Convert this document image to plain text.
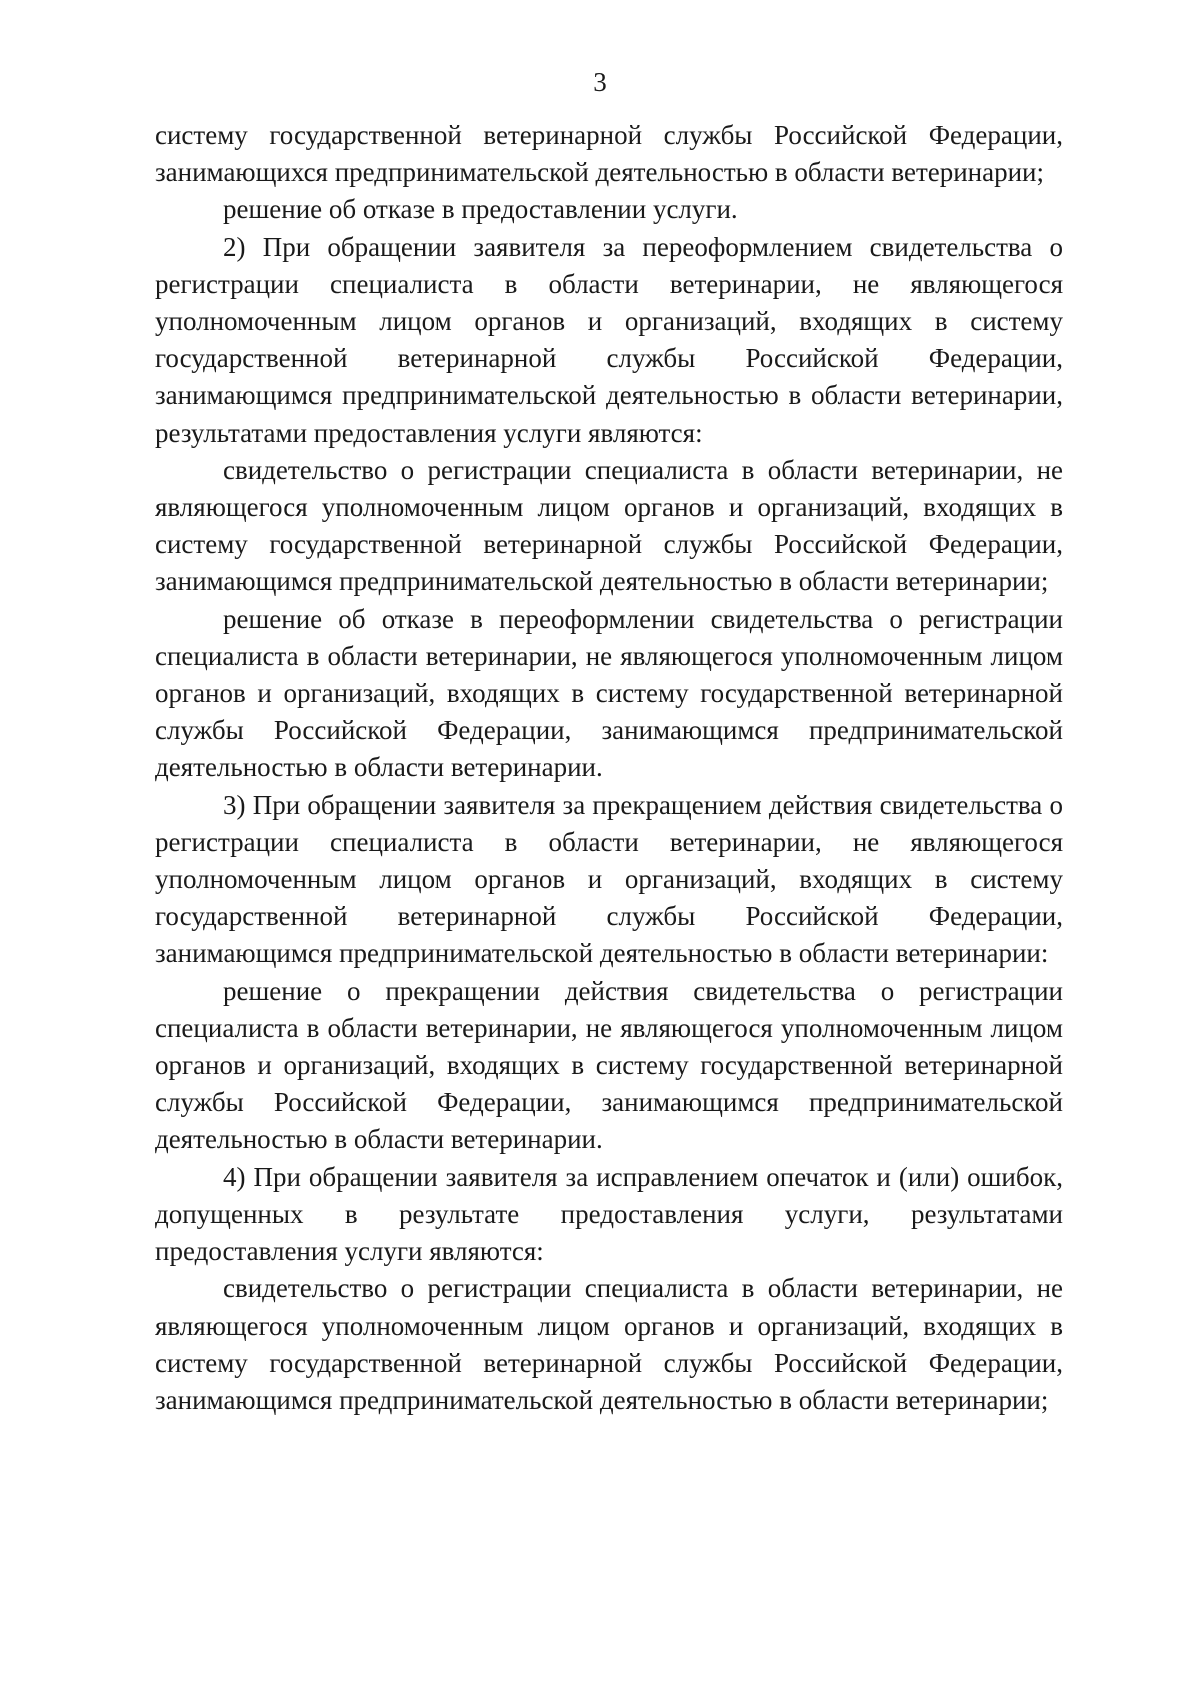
3

систему государственной ветеринарной службы Российской Федерации, занимающихся предпринимательской деятельностью в области ветеринарии;

решение об отказе в предоставлении услуги.

2) При обращении заявителя за переоформлением свидетельства о регистрации специалиста в области ветеринарии, не являющегося уполномоченным лицом органов и организаций, входящих в систему государственной ветеринарной службы Российской Федерации, занимающимся предпринимательской деятельностью в области ветеринарии, результатами предоставления услуги являются:

свидетельство о регистрации специалиста в области ветеринарии, не являющегося уполномоченным лицом органов и организаций, входящих в систему государственной ветеринарной службы Российской Федерации, занимающимся предпринимательской деятельностью в области ветеринарии;

решение об отказе в переоформлении свидетельства о регистрации специалиста в области ветеринарии, не являющегося уполномоченным лицом органов и организаций, входящих в систему государственной ветеринарной службы Российской Федерации, занимающимся предпринимательской деятельностью в области ветеринарии.

3) При обращении заявителя за прекращением действия свидетельства о регистрации специалиста в области ветеринарии, не являющегося уполномоченным лицом органов и организаций, входящих в систему государственной ветеринарной службы Российской Федерации, занимающимся предпринимательской деятельностью в области ветеринарии:

решение о прекращении действия свидетельства о регистрации специалиста в области ветеринарии, не являющегося уполномоченным лицом органов и организаций, входящих в систему государственной ветеринарной службы Российской Федерации, занимающимся предпринимательской деятельностью в области ветеринарии.

4) При обращении заявителя за исправлением опечаток и (или) ошибок, допущенных в результате предоставления услуги, результатами предоставления услуги являются:

свидетельство о регистрации специалиста в области ветеринарии, не являющегося уполномоченным лицом органов и организаций, входящих в систему государственной ветеринарной службы Российской Федерации, занимающимся предпринимательской деятельностью в области ветеринарии;
